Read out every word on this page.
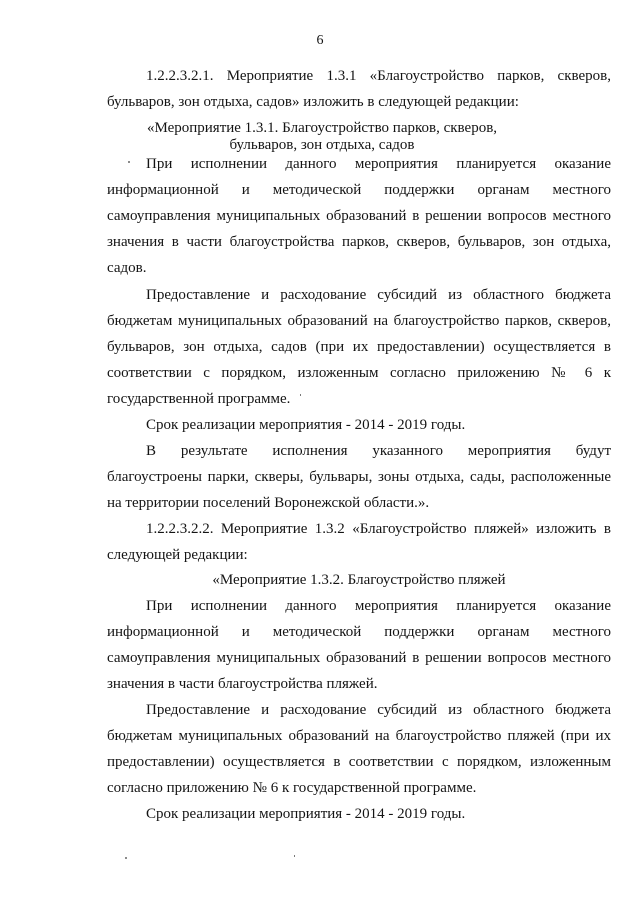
6
1.2.2.3.2.1. Мероприятие 1.3.1 «Благоустройство парков, скверов,
бульваров, зон отдыха, садов» изложить в следующей редакции:
«Мероприятие 1.3.1. Благоустройство парков, скверов,
бульваров, зон отдыха, садов
При исполнении данного мероприятия планируется оказание
информационной и методической поддержки органам местного
самоуправления муниципальных образований в решении вопросов местного
значения в части благоустройства парков, скверов, бульваров, зон отдыха,
садов.
Предоставление и расходование субсидий из областного бюджета
бюджетам муниципальных образований на благоустройство парков, скверов,
бульваров, зон отдыха, садов (при их предоставлении) осуществляется в
соответствии с порядком, изложенным согласно приложению № 6 к
государственной программе.
Срок реализации мероприятия - 2014 - 2019 годы.
В результате исполнения указанного мероприятия будут
благоустроены парки, скверы, бульвары, зоны отдыха, сады, расположенные
на территории поселений Воронежской области.».
1.2.2.3.2.2. Мероприятие 1.3.2 «Благоустройство пляжей» изложить в
следующей редакции:
«Мероприятие 1.3.2. Благоустройство пляжей
При исполнении данного мероприятия планируется оказание
информационной и методической поддержки органам местного
самоуправления муниципальных образований в решении вопросов местного
значения в части благоустройства пляжей.
Предоставление и расходование субсидий из областного бюджета
бюджетам муниципальных образований на благоустройство пляжей (при их
предоставлении) осуществляется в соответствии с порядком, изложенным
согласно приложению № 6 к государственной программе.
Срок реализации мероприятия - 2014 - 2019 годы.
